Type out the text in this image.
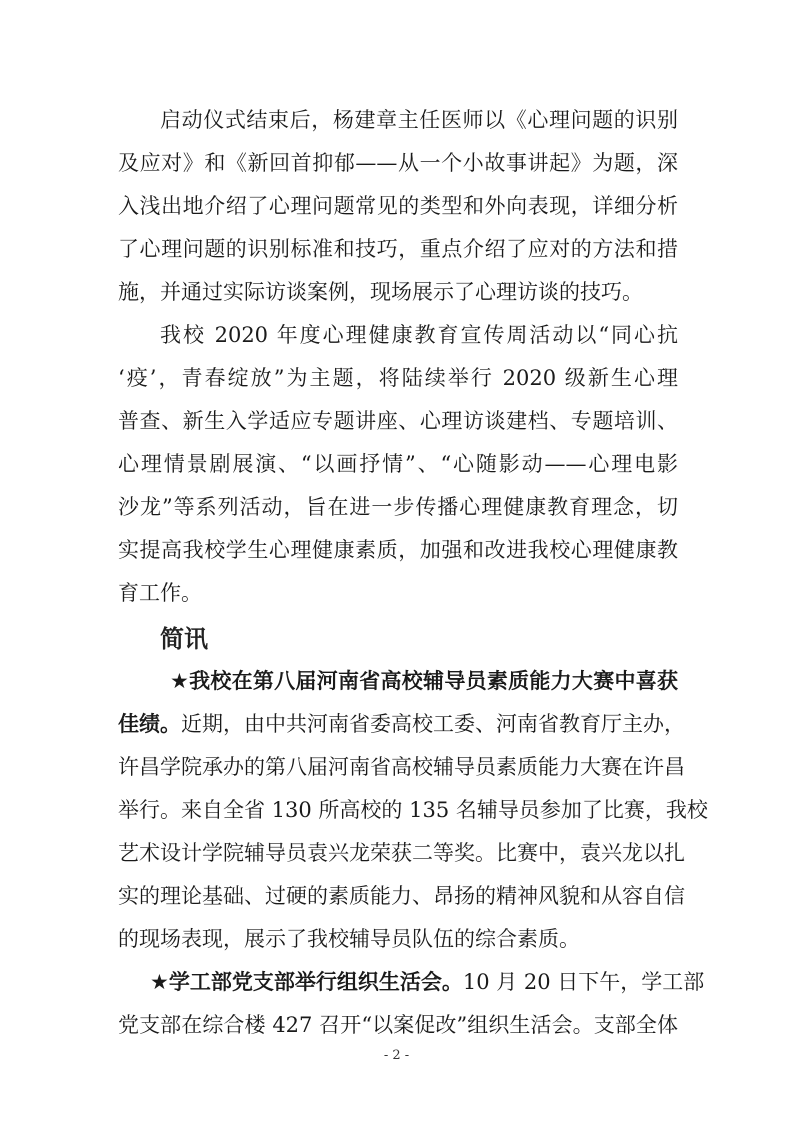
启动仪式结束后，杨建章主任医师以《心理问题的识别
及应对》和《新回首抑郁——从一个小故事讲起》为题，深
入浅出地介绍了心理问题常见的类型和外向表现，详细分析
了心理问题的识别标准和技巧，重点介绍了应对的方法和措
施，并通过实际访谈案例，现场展示了心理访谈的技巧。
我校 2020 年度心理健康教育宣传周活动以“同心抗
‘疫’，青春绽放”为主题，将陆续举行 2020 级新生心理
普查、新生入学适应专题讲座、心理访谈建档、专题培训、
心理情景剧展演、“以画抒情”、“心随影动——心理电影
沙龙”等系列活动，旨在进一步传播心理健康教育理念，切
实提高我校学生心理健康素质，加强和改进我校心理健康教
育工作。
简讯
★我校在第八届河南省高校辅导员素质能力大赛中喜获
佳绩。近期，由中共河南省委高校工委、河南省教育厅主办，
许昌学院承办的第八届河南省高校辅导员素质能力大赛在许昌
举行。来自全省 130 所高校的 135 名辅导员参加了比赛，我校
艺术设计学院辅导员袁兴龙荣获二等奖。比赛中，袁兴龙以扎
实的理论基础、过硬的素质能力、昂扬的精神风貌和从容自信
的现场表现，展示了我校辅导员队伍的综合素质。
★学工部党支部举行组织生活会。10 月 20 日下午，学工部
党支部在综合楼 427 召开“以案促改”组织生活会。支部全体
- 2 -
